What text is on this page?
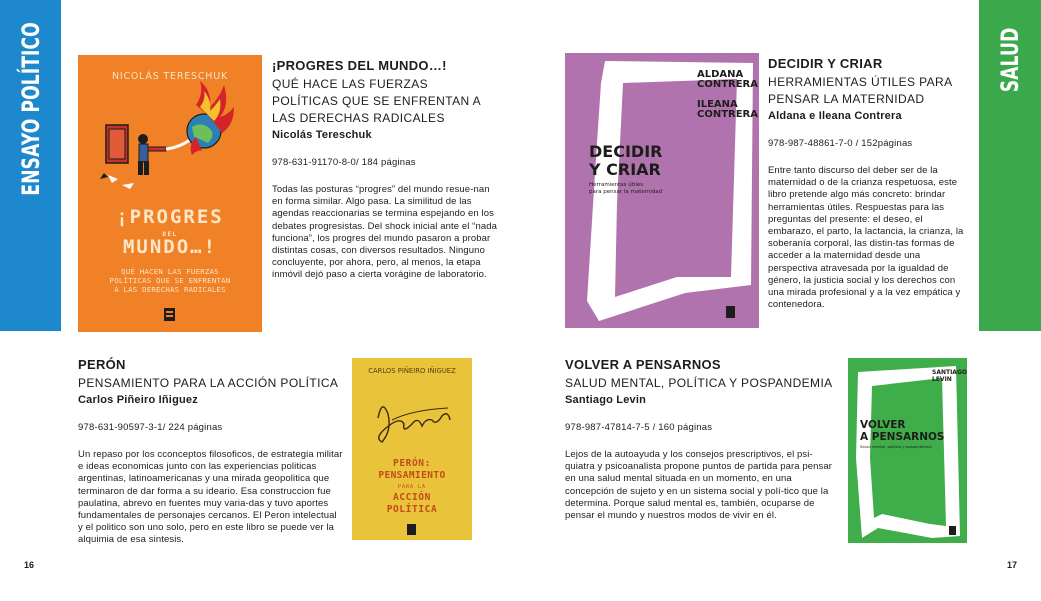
ENSAYO POLÍTICO	SALUD
NICOLÁS TERESCHUK
¡PROGRES
DEL
MUNDO…!
QUÉ HACEN LAS FUERZAS
POLÍTICAS QUE SE ENFRENTAN
A LAS DERECHAS RADICALES
¡PROGRES DEL MUNDO…!
QUÉ HACE LAS FUERZAS POLÍTICAS QUE SE ENFRENTAN A LAS DERECHAS RADICALES
Nicolás Tereschuk
978-631-91170-8-0/ 184 páginas
Todas las posturas “progres” del mundo resue-nan en forma similar. Algo pasa. La similitud de las agendas reaccionarias se termina espejando en los debates progresistas. Del shock inicial ante el “nada funciona”, los progres del mundo pasaron a probar distintas cosas, con diversos resultados. Ninguno concluyente, por ahora, pero, al menos, la etapa inmóvil dejó paso a cierta vorágine de laboratorio.
ALDANA
CONTRERA
ILEANA
CONTRERA
DECIDIR
Y CRIAR
Herramientas útiles
para pensar la maternidad
DECIDIR Y CRIAR
HERRAMIENTAS ÚTILES PARA PENSAR LA MATERNIDAD
Aldana e Ileana Contrera
978-987-48861-7-0 / 152páginas
Entre tanto discurso del deber ser de la maternidad o de la crianza respetuosa, este libro pretende algo más concreto: brindar herramientas útiles. Respuestas para las preguntas del presente: el deseo, el embarazo, el parto, la lactancia, la crianza, la soberanía corporal, las distin-tas formas de acceder a la maternidad desde una perspectiva atravesada por la igualdad de género, la justicia social y los derechos con una mirada profesional y a la vez empática y contenedora.
PERÓN
PENSAMIENTO PARA LA ACCIÓN POLÍTICA
Carlos Piñeiro Iñiguez
978-631-90597-3-1/ 224 páginas
Un repaso por los cconceptos filosoficos, de estrategia militar e ideas economicas junto con las experiencias politicas argentinas, latinoamericanas y una mirada geopolitica que terminaron de dar forma a su ideario. Esa construccion fue paulatina, abrevo en fuentes muy varia-das y tuvo aportes fundamentales de personajes cercanos. El Peron intelectual y el politico son uno solo, pero en este libro se puede ver la alquimia de esa sintesis.
CARLOS PIÑEIRO IÑIGUEZ
PERÓN:
PENSAMIENTO
PARA LA
ACCIÓN
POLÍTICA
VOLVER A PENSARNOS
SALUD MENTAL, POLÍTICA Y POSPANDEMIA
Santiago Levin
978-987-47814-7-5 / 160 páginas
Lejos de la autoayuda y los consejos prescriptivos, el psi-quiatra y psicoanalista propone puntos de partida para pensar en una salud mental situada en un momento, en una concepción de sujeto y en un sistema social y polí-tico que la determina. Porque salud mental es, también, ocuparse de pensar el mundo y nuestros modos de vivir en él.
SANTIAGO
LEVIN
VOLVER
A PENSARNOS
Salud mental, política y pospandemia
16	17
